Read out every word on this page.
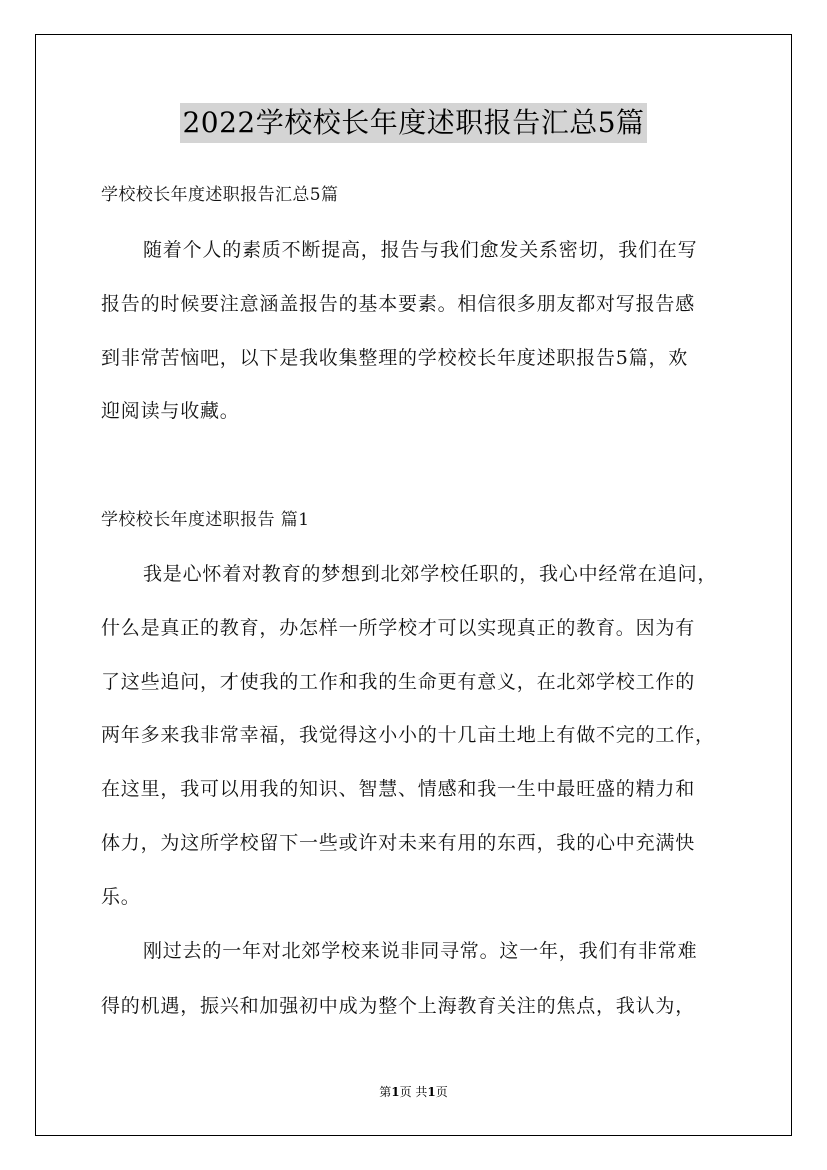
2022学校校长年度述职报告汇总5篇
学校校长年度述职报告汇总5篇
随着个人的素质不断提高，报告与我们愈发关系密切，我们在写
报告的时候要注意涵盖报告的基本要素。相信很多朋友都对写报告感
到非常苦恼吧，以下是我收集整理的学校校长年度述职报告5篇，欢
迎阅读与收藏。
学校校长年度述职报告 篇1
我是心怀着对教育的梦想到北郊学校任职的，我心中经常在追问，
什么是真正的教育，办怎样一所学校才可以实现真正的教育。因为有
了这些追问，才使我的工作和我的生命更有意义，在北郊学校工作的
两年多来我非常幸福，我觉得这小小的十几亩土地上有做不完的工作，
在这里，我可以用我的知识、智慧、情感和我一生中最旺盛的精力和
体力，为这所学校留下一些或许对未来有用的东西，我的心中充满快
乐。
刚过去的一年对北郊学校来说非同寻常。这一年，我们有非常难
得的机遇，振兴和加强初中成为整个上海教育关注的焦点，我认为，
第1页 共1页
